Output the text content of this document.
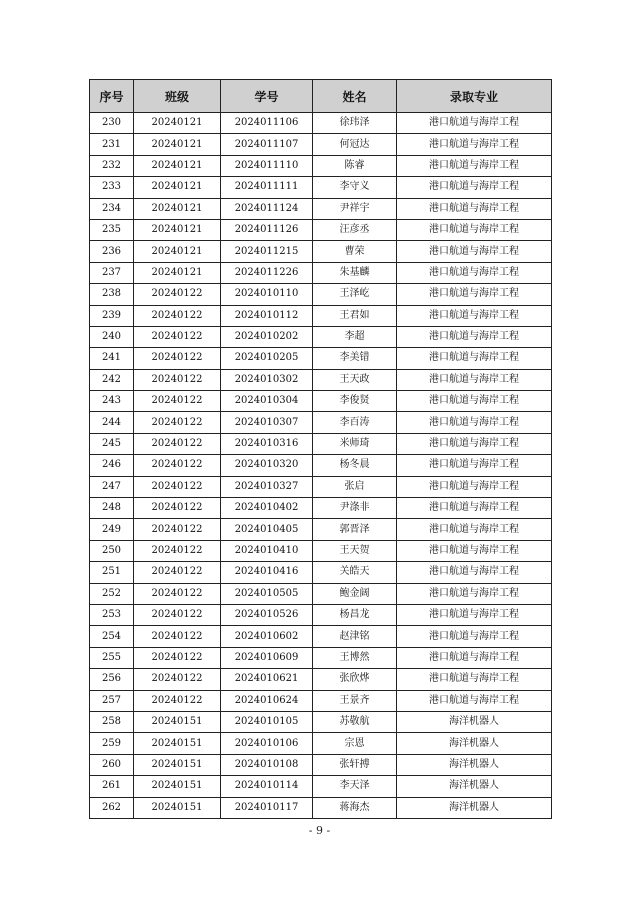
序号	班级	学号	姓名	录取专业
230	20240121	2024011106	徐玮泽	港口航道与海岸工程
231	20240121	2024011107	何冠达	港口航道与海岸工程
232	20240121	2024011110	陈睿	港口航道与海岸工程
233	20240121	2024011111	李守义	港口航道与海岸工程
234	20240121	2024011124	尹祥宇	港口航道与海岸工程
235	20240121	2024011126	汪彦丞	港口航道与海岸工程
236	20240121	2024011215	曹荣	港口航道与海岸工程
237	20240121	2024011226	朱基麟	港口航道与海岸工程
238	20240122	2024010110	王泽屹	港口航道与海岸工程
239	20240122	2024010112	王君如	港口航道与海岸工程
240	20240122	2024010202	李超	港口航道与海岸工程
241	20240122	2024010205	李美错	港口航道与海岸工程
242	20240122	2024010302	王天政	港口航道与海岸工程
243	20240122	2024010304	李俊贤	港口航道与海岸工程
244	20240122	2024010307	李百涛	港口航道与海岸工程
245	20240122	2024010316	米师琦	港口航道与海岸工程
246	20240122	2024010320	杨冬晨	港口航道与海岸工程
247	20240122	2024010327	张启	港口航道与海岸工程
248	20240122	2024010402	尹涤非	港口航道与海岸工程
249	20240122	2024010405	郭晋泽	港口航道与海岸工程
250	20240122	2024010410	王天贺	港口航道与海岸工程
251	20240122	2024010416	关皓天	港口航道与海岸工程
252	20240122	2024010505	鲍金阔	港口航道与海岸工程
253	20240122	2024010526	杨昌龙	港口航道与海岸工程
254	20240122	2024010602	赵津铭	港口航道与海岸工程
255	20240122	2024010609	王博然	港口航道与海岸工程
256	20240122	2024010621	张欣烨	港口航道与海岸工程
257	20240122	2024010624	王景齐	港口航道与海岸工程
258	20240151	2024010105	苏敬航	海洋机器人
259	20240151	2024010106	宗恩	海洋机器人
260	20240151	2024010108	张轩搏	海洋机器人
261	20240151	2024010114	李天泽	海洋机器人
262	20240151	2024010117	蒋海杰	海洋机器人
- 9 -
